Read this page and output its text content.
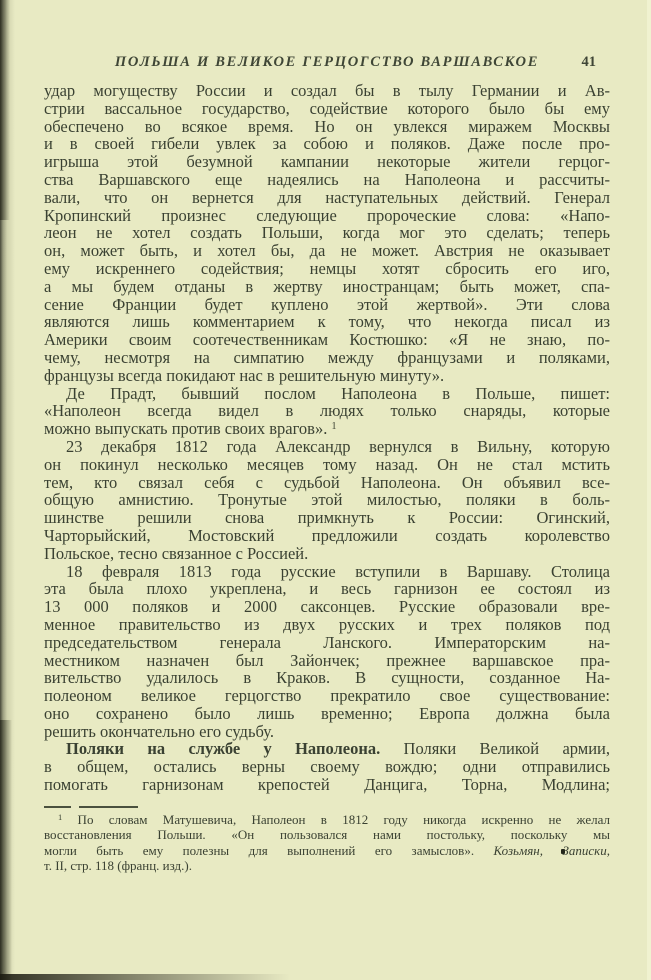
ПОЛЬША И ВЕЛИКОЕ ГЕРЦОГСТВО ВАРШАВСКОЕ	41
удар могуществу России и создал бы в тылу Германии и Ав-
стрии вассальное государство, содействие которого было бы ему
обеспечено во всякое время. Но он увлекся миражем Москвы
и в своей гибели увлек за собою и поляков. Даже после про-
игрыша этой безумной кампании некоторые жители герцог-
ства Варшавского еще надеялись на Наполеона и рассчиты-
вали, что он вернется для наступательных действий. Генерал
Кропинский произнес следующие пророческие слова: «Напо-
леон не хотел создать Польши, когда мог это сделать; теперь
он, может быть, и хотел бы, да не может. Австрия не оказывает
ему искреннего содействия; немцы хотят сбросить его иго,
а мы будем отданы в жертву иностранцам; быть может, спа-
сение Франции будет куплено этой жертвой». Эти слова
являются лишь комментарием к тому, что некогда писал из
Америки своим соотечественникам Костюшко: «Я не знаю, по-
чему, несмотря на симпатию между французами и поляками,
французы всегда покидают нас в решительную минуту».
Де Прадт, бывший послом Наполеона в Польше, пишет:
«Наполеон всегда видел в людях только снаряды, которые
можно выпускать против своих врагов». $^1$
23 декабря 1812 года Александр вернулся в Вильну, которую
он покинул несколько месяцев тому назад. Он не стал мстить
тем, кто связал себя с судьбой Наполеона. Он объявил все-
общую амнистию. Тронутые этой милостью, поляки в боль-
шинстве решили снова примкнуть к России: Огинский,
Чарторыйский, Мостовский предложили создать королевство
Польское, тесно связанное с Россией.
18 февраля 1813 года русские вступили в Варшаву. Столица
эта была плохо укреплена, и весь гарнизон ее состоял из
13 000 поляков и 2000 саксонцев. Русские образовали вре-
менное правительство из двух русских и трех поляков под
председательством генерала Ланского. Императорским на-
местником назначен был Зайончек; прежнее варшавское пра-
вительство удалилось в Краков. В сущности, созданное На-
полеоном великое герцогство прекратило свое существование:
оно сохранено было лишь временно; Европа должна была
решить окончательно его судьбу.
Поляки на службе у Наполеона. Поляки Великой армии,
в общем, остались верны своему вождю; одни отправились
помогать гарнизонам крепостей Данцига, Торна, Модлина;
$^1$ По словам Матушевича, Наполеон в 1812 году никогда искренно не желал
восстановления Польши. «Он пользовался нами постольку, поскольку мы
могли быть ему полезны для выполнений его замыслов». Козьмян, Записки,
т. II, стр. 118 (франц. изд.).
